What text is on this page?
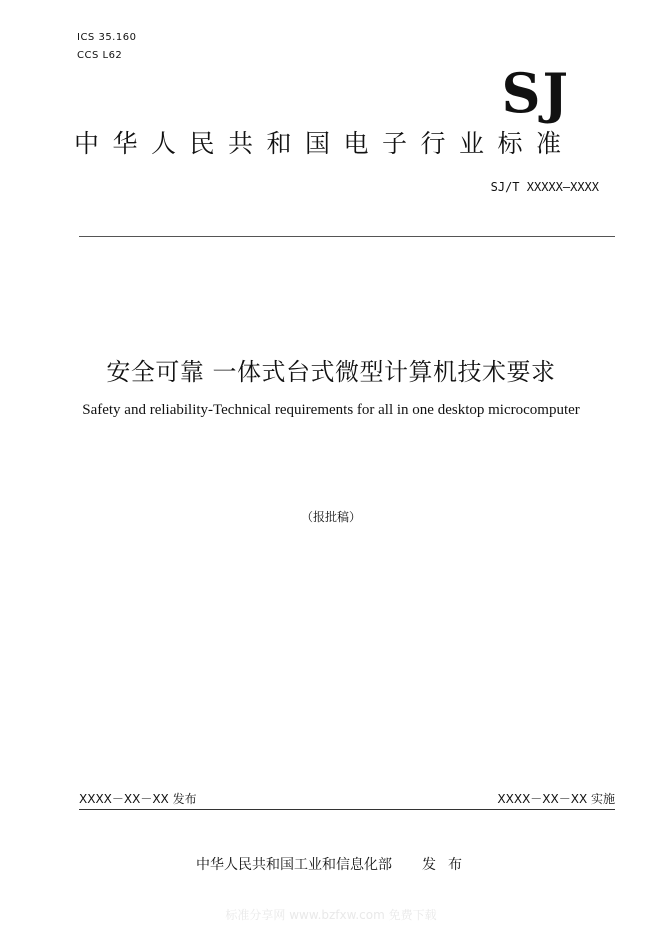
ICS 35.160
CCS L62
SJ
中华人民共和国电子行业标准
SJ/T XXXXX—XXXX
安全可靠 一体式台式微型计算机技术要求
Safety and reliability-Technical requirements for all in one desktop microcomputer
（报批稿）
XXXX－XX－XX 发布	XXXX－XX－XX 实施
中华人民共和国工业和信息化部 发布
标准分享网 www.bzfxw.com 免费下载
